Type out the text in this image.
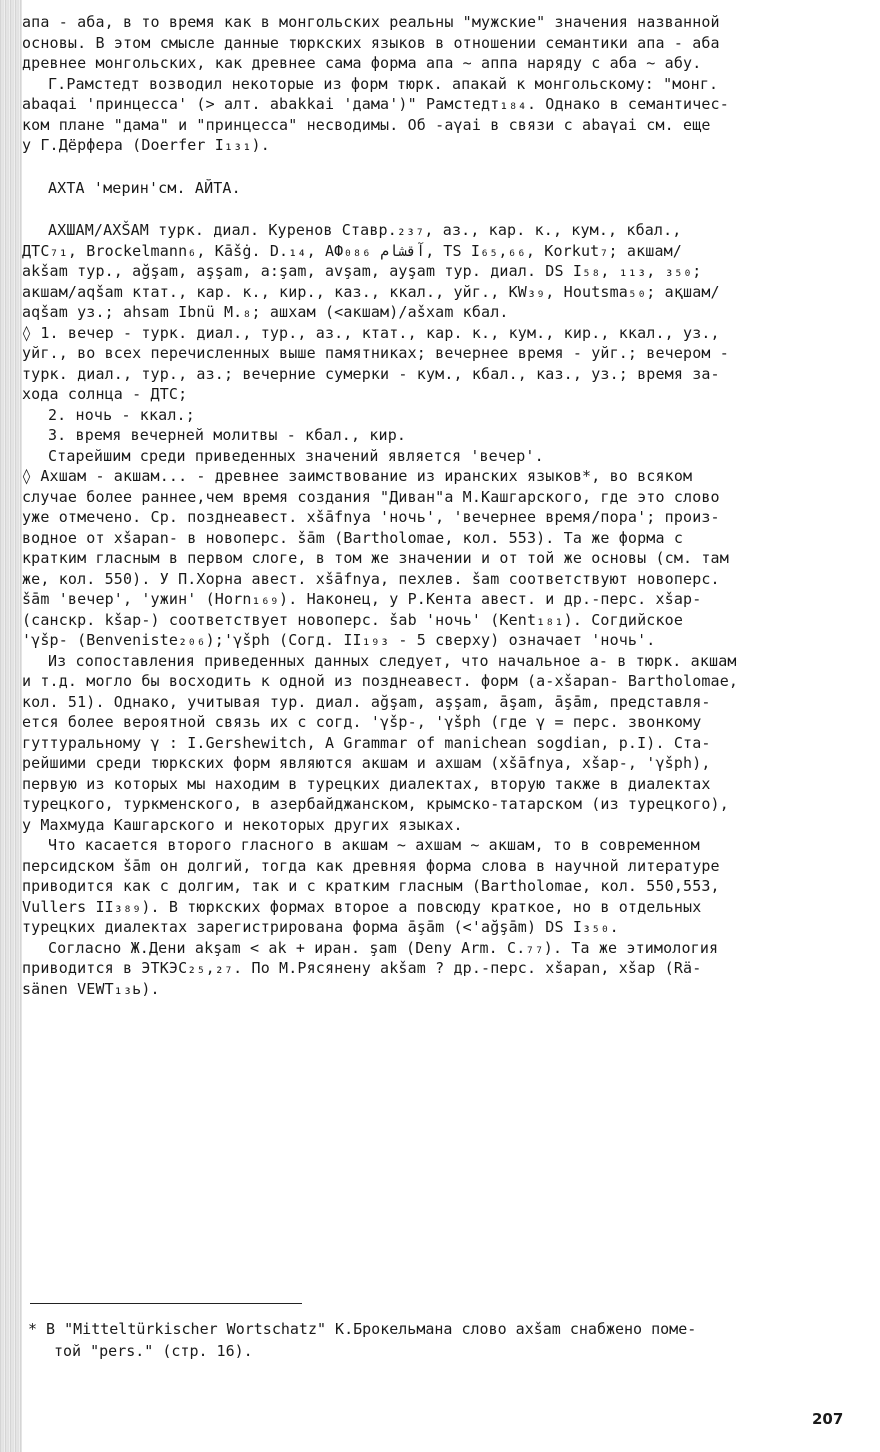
апа - аба, в то время как в монгольских реальны "мужские" значения названной

основы. В этом смысле данные тюркских языков в отношении семантики апа - аба

древнее монгольских, как древнее сама форма апа ~ аппа наряду с аба ~ абу.

Г.Рамстедт возводил некоторые из форм тюрк. апакай к монгольскому: "монг.

abaqai 'принцесса' (> алт. abakkai 'дама')" Рамстедт₁₈₄. Однако в семантичес-

ком плане "дама" и "принцесса" несводимы. Об -aγai в связи с abaγai см. еще

у Г.Дёрфера (Doerfer I₁₃₁).

АХТА 'мерин'см. АЙТА.

АХШАМ/AXŠAM турк. диал. Куренов Ставр.₂₃₇, аз., кар. к., кум., кбал.,

ДТС₇₁, Brockelmann₆, Kāšġ. D.₁₄, АФ₀₈₆ آقشام, TS I₆₅,₆₆, Korkut₇; акшам/

akšam тур., ağşam, aşşam, a:şam, avşam, ayşam тур. диал. DS I₅₈, ₁₁₃, ₃₅₀;

акшам/aqšam ктат., кар. к., кир., каз., ккал., уйг., KW₃₉, Houtsma₅₀; ақшам/

aqšam уз.; ahsam Ibnü M.₈; ашхам (<акшам)/ašxam кбал.

◊ 1. вечер - турк. диал., тур., аз., ктат., кар. к., кум., кир., ккал., уз.,

уйг., во всех перечисленных выше памятниках; вечернее время - уйг.; вечером -

турк. диал., тур., аз.; вечерние сумерки - кум., кбал., каз., уз.; время за-

хода солнца - ДТС;

2. ночь - ккал.;

3. время вечерней молитвы - кбал., кир.

Старейшим среди приведенных значений является 'вечер'.

◊ Ахшам - акшам... - древнее заимствование из иранских языков*, во всяком

случае более раннее,чем время создания "Диван"а М.Кашгарского, где это слово

уже отмечено. Ср. позднеавест. xšāfnya 'ночь', 'вечернее время/пора'; произ-

водное от xšapan- в новоперс. šām (Bartholomae, кол. 553). Та же форма с

кратким гласным в первом слоге, в том же значении и от той же основы (см. там

же, кол. 550). У П.Хорна авест. xšāfnya, пехлев. šam соответствуют новоперс.

šām 'вечер', 'ужин' (Horn₁₆₉). Наконец, у Р.Кента авест. и др.-перс. xšap-

(санскр. kšap-) соответствует новоперс. šab 'ночь' (Kent₁₈₁). Согдийское

'γšp- (Benveniste₂₀₆);'γšph (Согд. II₁₉₃ - 5 сверху) означает 'ночь'.

Из сопоставления приведенных данных следует, что начальное а- в тюрк. акшам

и т.д. могло бы восходить к одной из позднеавест. форм (a-xšapan- Bartholomae,

кол. 51). Однако, учитывая тур. диал. ağşam, aşşam, āşam, āşām, представля-

ется более вероятной связь их с согд. 'γšp-, 'γšph (где γ = перс. звонкому

гуттуральному γ : I.Gershewitch, A Grammar of manichean sogdian, p.I). Ста-

рейшими среди тюркских форм являются акшам и ахшам (xšāfnya, xšap-, 'γšph),

первую из которых мы находим в турецких диалектах, вторую также в диалектах

турецкого, туркменского, в азербайджанском, крымско-татарском (из турецкого),

у Махмуда Кашгарского и некоторых других языках.

Что касается второго гласного в акшам ~ ахшам ~ акшам, то в современном

персидском šām он долгий, тогда как древняя форма слова в научной литературе

приводится как с долгим, так и с кратким гласным (Bartholomae, кол. 550,553,

Vullers II₃₈₉). В тюркских формах второе а повсюду краткое, но в отдельных

турецких диалектах зарегистрирована форма āşām (<'ağşām) DS I₃₅₀.

Согласно Ж.Дени akşam < ak + иран. şam (Deny Arm. C.₇₇). Та же этимология

приводится в ЭТКЭС₂₅,₂₇. По М.Рясянену akšam ? др.-перс. xšapan, xšap (Rä-

sänen VEWT₁₃ь).

* В "Mitteltürkischer Wortschatz" К.Брокельмана слово axšam снабжено поме-

той "pers." (стр. 16).

207
